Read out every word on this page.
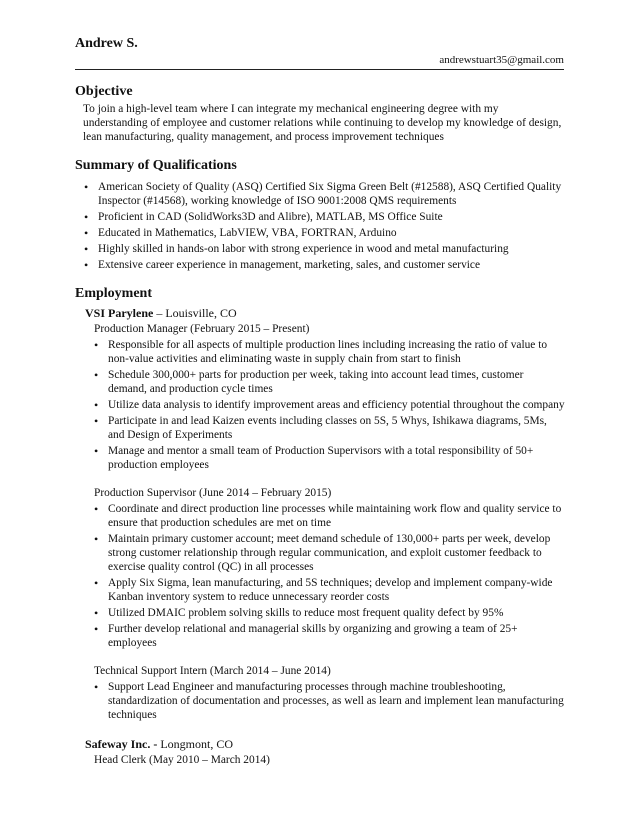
Andrew S.
andrewstuart35@gmail.com
Objective

To join a high-level team where I can integrate my mechanical engineering degree with my understanding of employee and customer relations while continuing to develop my knowledge of design, lean manufacturing, quality management, and process improvement techniques

Summary of Qualifications
• American Society of Quality (ASQ) Certified Six Sigma Green Belt (#12588), ASQ Certified Quality Inspector (#14568), working knowledge of ISO 9001:2008 QMS requirements
• Proficient in CAD (SolidWorks3D and Alibre), MATLAB, MS Office Suite
• Educated in Mathematics, LabVIEW, VBA, FORTRAN, Arduino
• Highly skilled in hands-on labor with strong experience in wood and metal manufacturing
• Extensive career experience in management, marketing, sales, and customer service
Employment
VSI Parylene – Louisville, CO
Production Manager (February 2015 – Present)
• Responsible for all aspects of multiple production lines including increasing the ratio of value to non-value activities and eliminating waste in supply chain from start to finish
• Schedule 300,000+ parts for production per week, taking into account lead times, customer demand, and production cycle times
• Utilize data analysis to identify improvement areas and efficiency potential throughout the company
• Participate in and lead Kaizen events including classes on 5S, 5 Whys, Ishikawa diagrams, 5Ms, and Design of Experiments
• Manage and mentor a small team of Production Supervisors with a total responsibility of 50+ production employees
Production Supervisor (June 2014 – February 2015)
• Coordinate and direct production line processes while maintaining work flow and quality service to ensure that production schedules are met on time
• Maintain primary customer account; meet demand schedule of 130,000+ parts per week, develop strong customer relationship through regular communication, and exploit customer feedback to exercise quality control (QC) in all processes
• Apply Six Sigma, lean manufacturing, and 5S techniques; develop and implement company-wide Kanban inventory system to reduce unnecessary reorder costs
• Utilized DMAIC problem solving skills to reduce most frequent quality defect by 95%
• Further develop relational and managerial skills by organizing and growing a team of 25+ employees
Technical Support Intern (March 2014 – June 2014)
• Support Lead Engineer and manufacturing processes through machine troubleshooting, standardization of documentation and processes, as well as learn and implement lean manufacturing techniques
Safeway Inc. - Longmont, CO
Head Clerk (May 2010 – March 2014)
